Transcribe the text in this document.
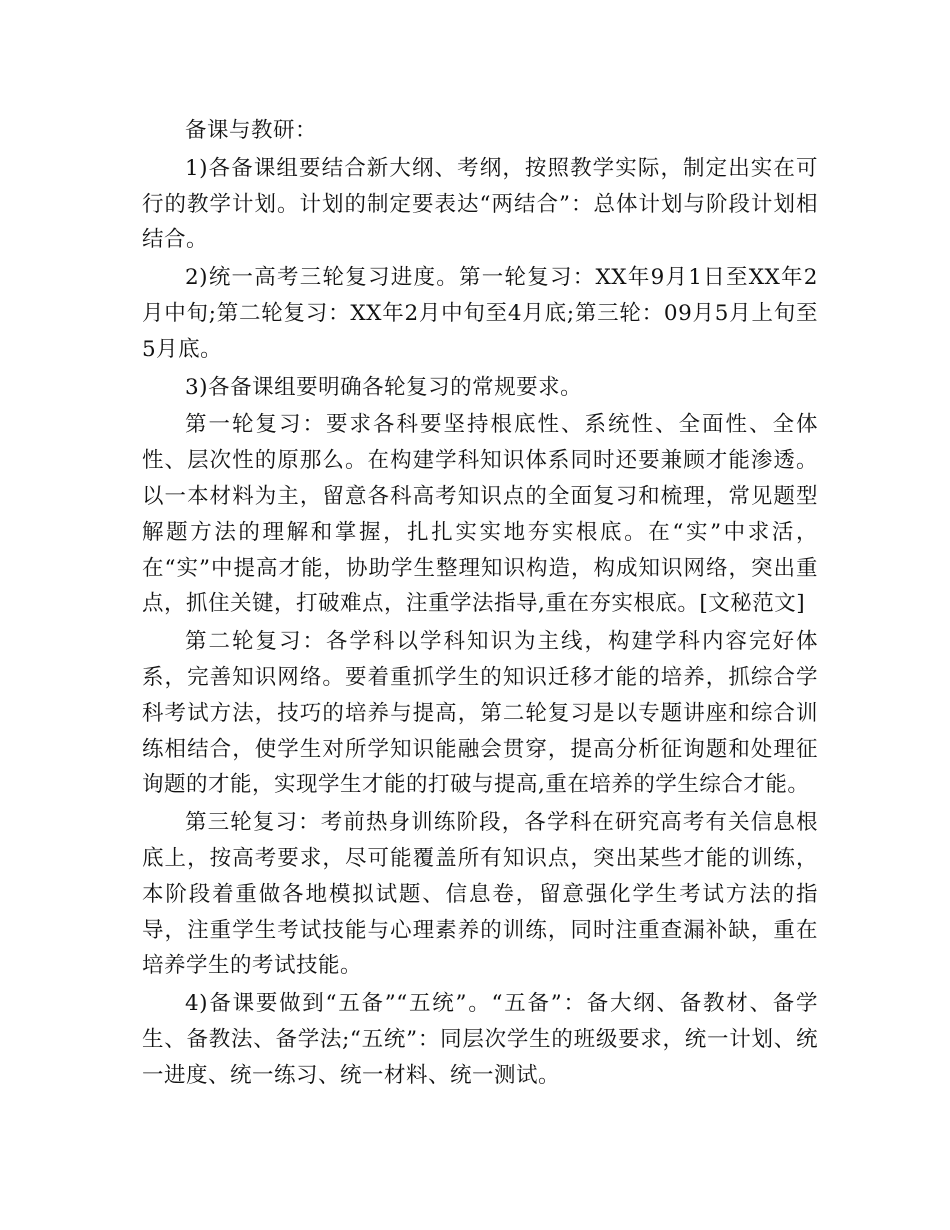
备课与教研：

1)各备课组要结合新大纲、考纲，按照教学实际，制定出实在可行的教学计划。计划的制定要表达“两结合”：总体计划与阶段计划相结合。

2)统一高考三轮复习进度。第一轮复习：XX年9月1日至XX年2月中旬;第二轮复习：XX年2月中旬至4月底;第三轮：09月5月上旬至5月底。

3)各备课组要明确各轮复习的常规要求。

第一轮复习：要求各科要坚持根底性、系统性、全面性、全体性、层次性的原那么。在构建学科知识体系同时还要兼顾才能渗透。以一本材料为主，留意各科高考知识点的全面复习和梳理，常见题型解题方法的理解和掌握，扎扎实实地夯实根底。在“实”中求活，在“实”中提高才能，协助学生整理知识构造，构成知识网络，突出重点，抓住关键，打破难点，注重学法指导,重在夯实根底。[文秘范文]

第二轮复习：各学科以学科知识为主线，构建学科内容完好体系，完善知识网络。要着重抓学生的知识迁移才能的培养，抓综合学科考试方法，技巧的培养与提高，第二轮复习是以专题讲座和综合训练相结合，使学生对所学知识能融会贯穿，提高分析征询题和处理征询题的才能，实现学生才能的打破与提高,重在培养的学生综合才能。

第三轮复习：考前热身训练阶段，各学科在研究高考有关信息根底上，按高考要求，尽可能覆盖所有知识点，突出某些才能的训练，本阶段着重做各地模拟试题、信息卷，留意强化学生考试方法的指导，注重学生考试技能与心理素养的训练，同时注重查漏补缺，重在培养学生的考试技能。

4)备课要做到“五备”“五统”。“五备”：备大纲、备教材、备学生、备教法、备学法;“五统”：同层次学生的班级要求，统一计划、统一进度、统一练习、统一材料、统一测试。
